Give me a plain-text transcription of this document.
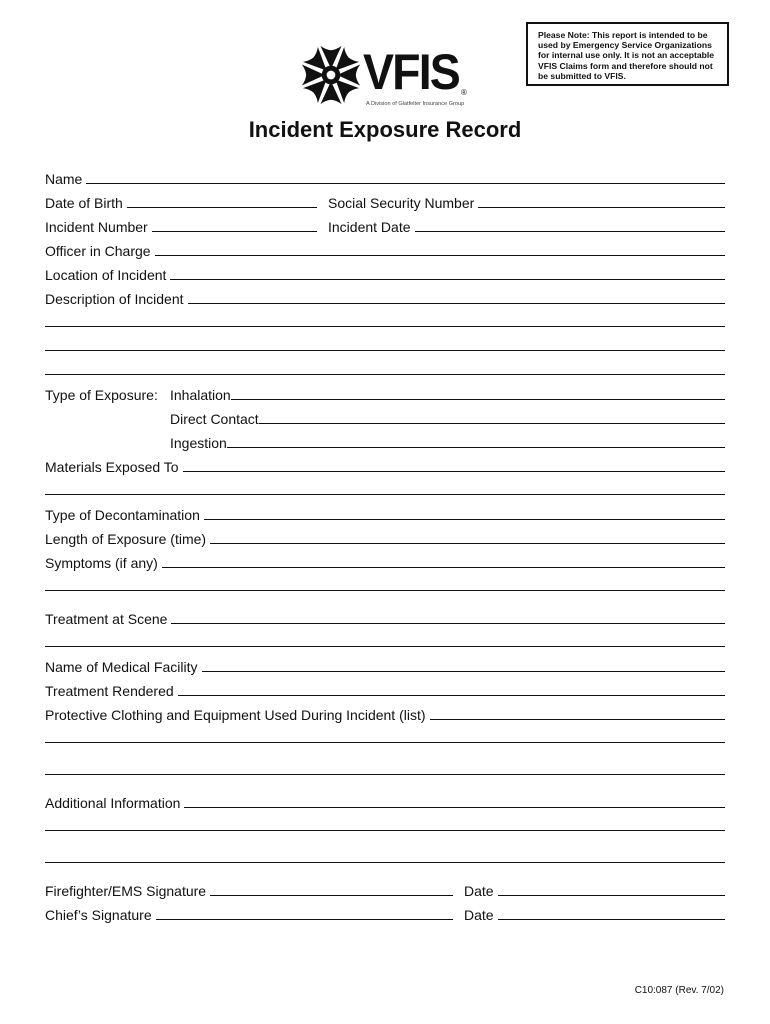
Please Note: This report is intended to be used by Emergency Service Organizations for internal use only. It is not an acceptable VFIS Claims form and therefore should not be submitted to VFIS.
VFIS ®
A Division of Glatfelter Insurance Group
Incident Exposure Record
Name
Date of Birth	Social Security Number
Incident Number	Incident Date
Officer in Charge
Location of Incident
Description of Incident
Type of Exposure: Inhalation
Direct Contact
Ingestion
Materials Exposed To
Type of Decontamination
Length of Exposure (time)
Symptoms (if any)
Treatment at Scene
Name of Medical Facility
Treatment Rendered
Protective Clothing and Equipment Used During Incident (list)
Additional Information
Firefighter/EMS Signature	Date
Chief’s Signature	Date
C10:087 (Rev. 7/02)
